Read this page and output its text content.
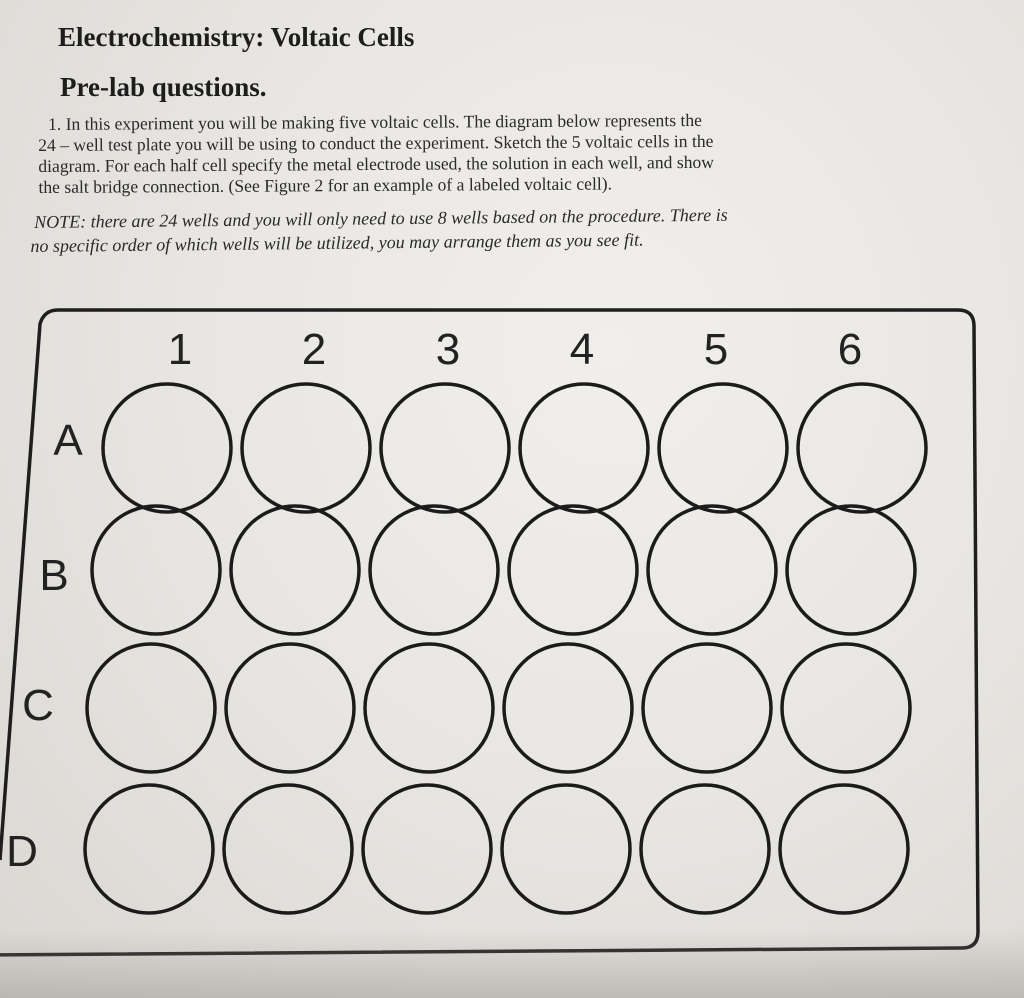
Electrochemistry: Voltaic Cells
Pre-lab questions.
1. In this experiment you will be making five voltaic cells. The diagram below represents the
24 – well test plate you will be using to conduct the experiment. Sketch the 5 voltaic cells in the
diagram. For each half cell specify the metal electrode used, the solution in each well, and show
the salt bridge connection. (See Figure 2 for an example of a labeled voltaic cell).
NOTE: there are 24 wells and you will only need to use 8 wells based on the procedure. There is
no specific order of which wells will be utilized, you may arrange them as you see fit.
1 2 3 4 5 6
A
B
C
D
